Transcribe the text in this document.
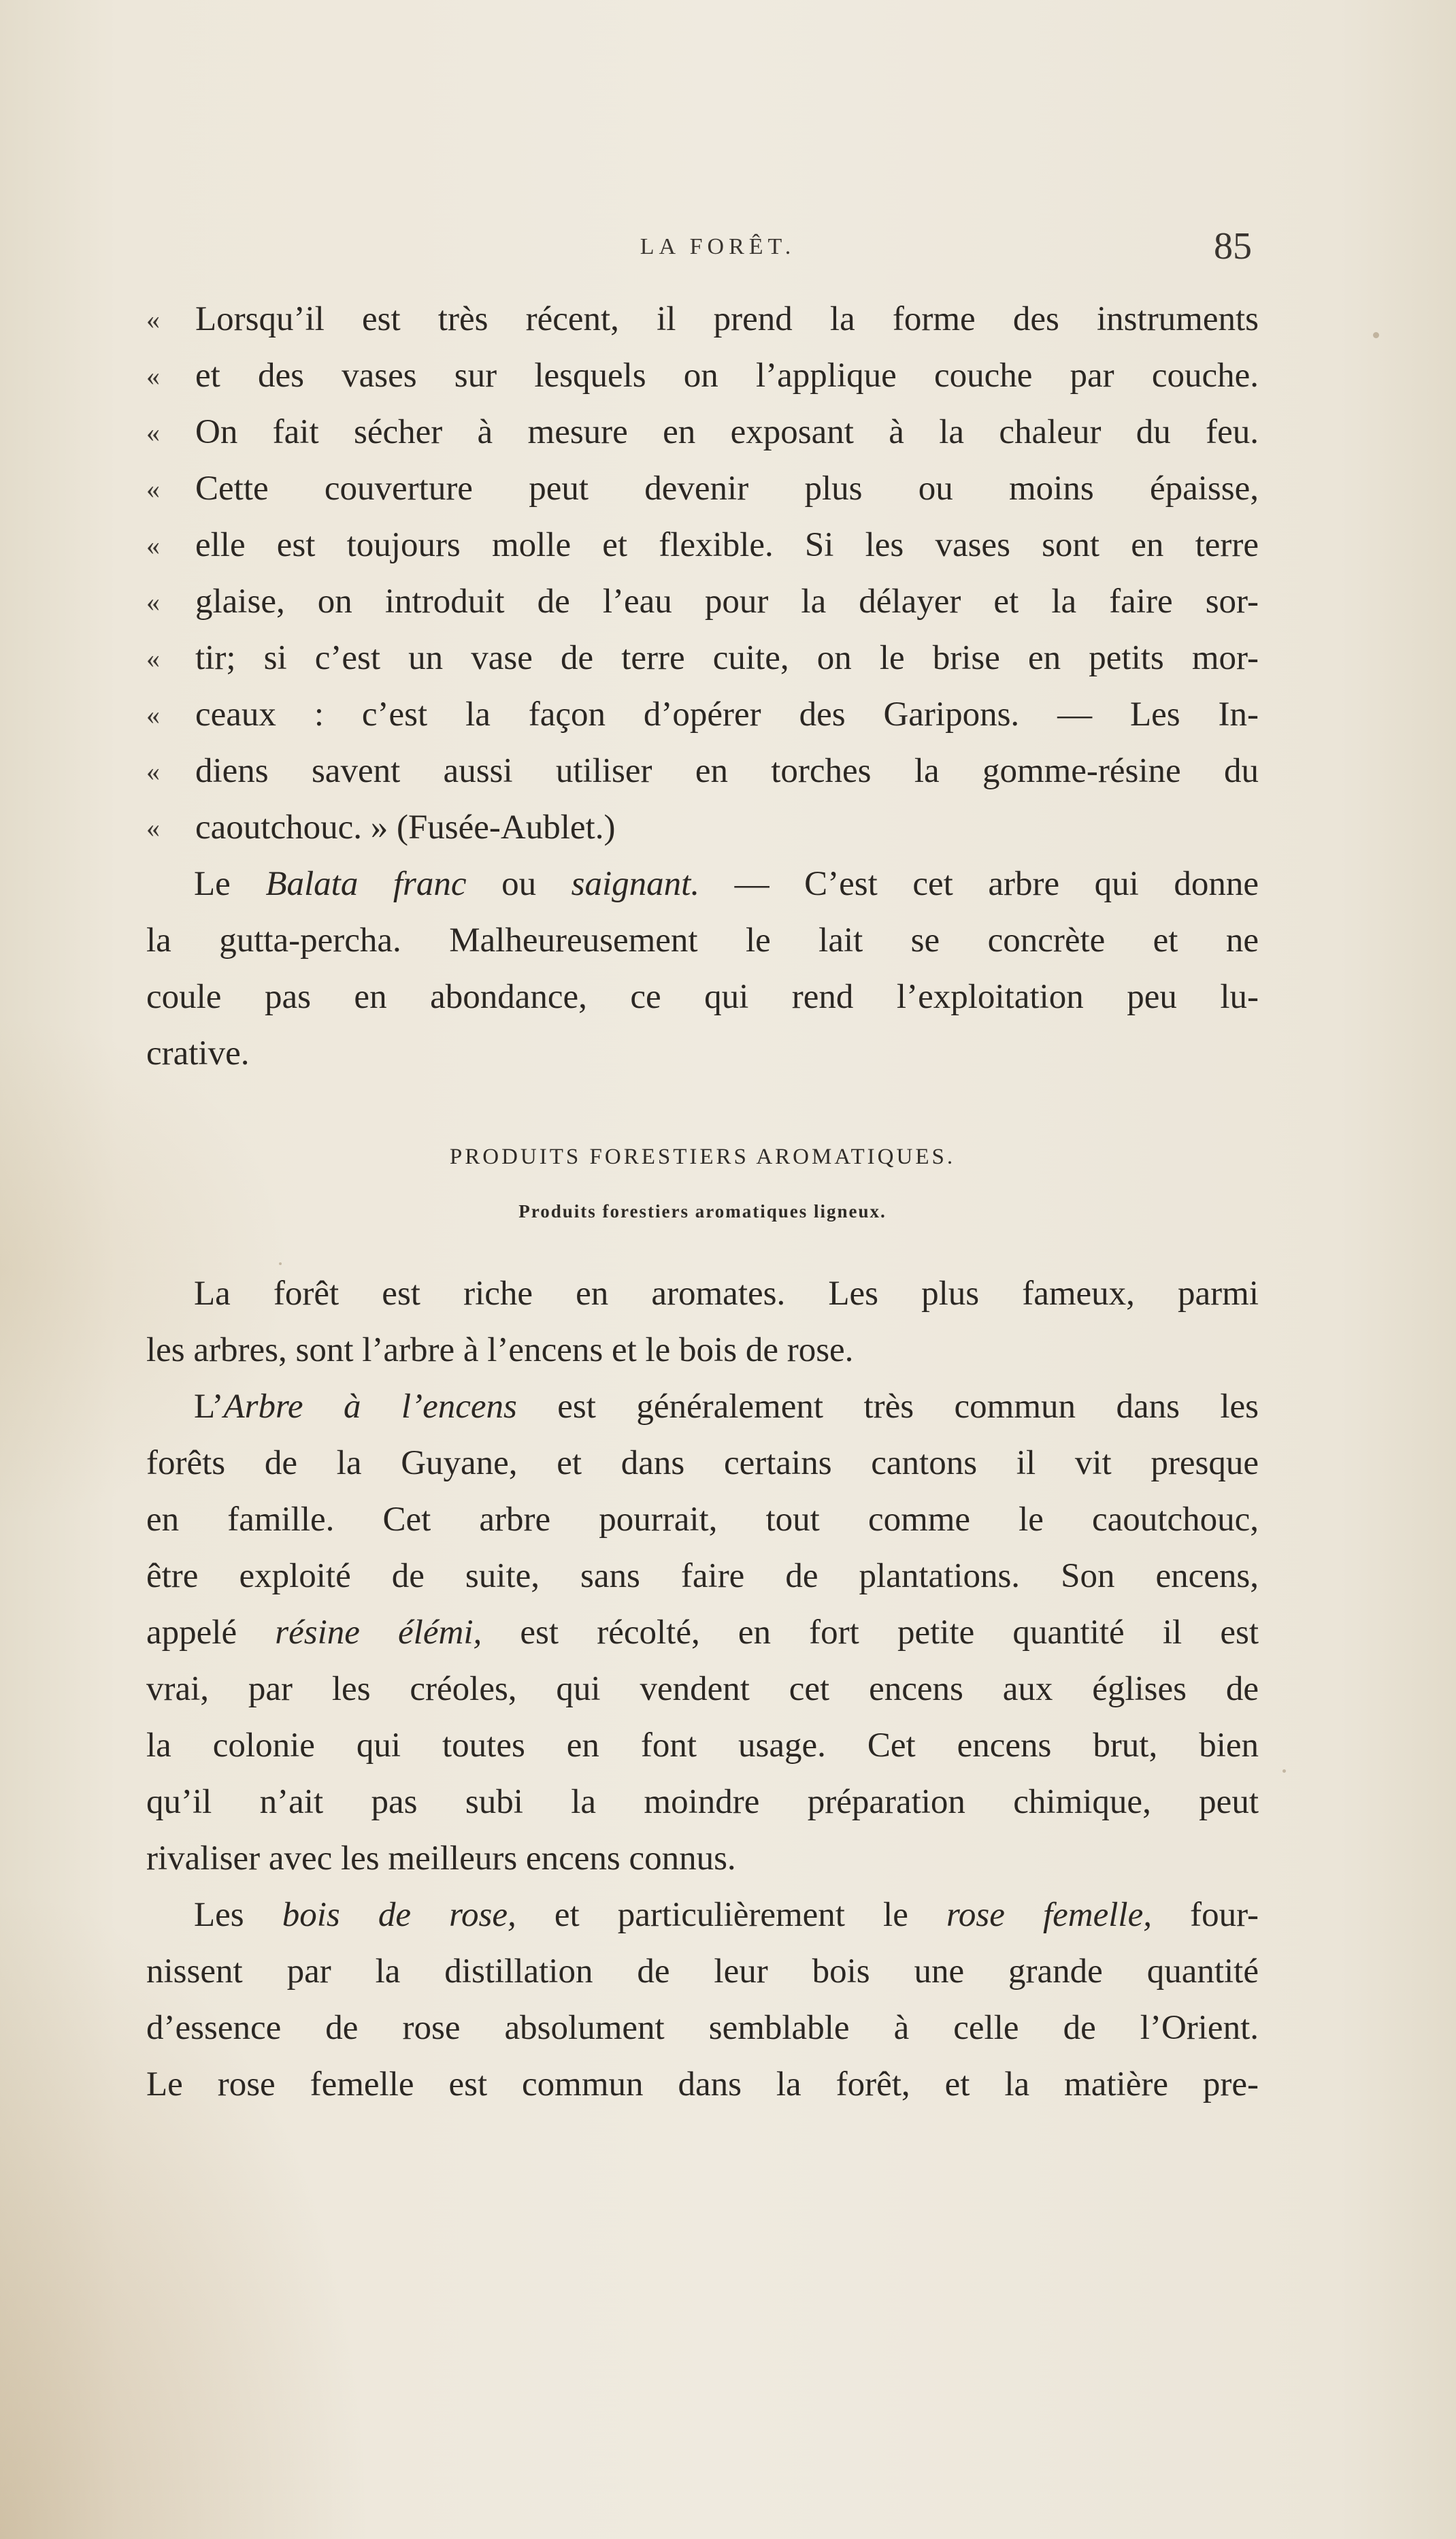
LA FORÊT.	85
«	Lorsqu’il est très récent, il prend la forme des instruments
«	et des vases sur lesquels on l’applique couche par couche.
«	On fait sécher à mesure en exposant à la chaleur du feu.
«	Cette couverture peut devenir plus ou moins épaisse,
«	elle est toujours molle et flexible. Si les vases sont en terre
«	glaise, on introduit de l’eau pour la délayer et la faire sor-
«	tir; si c’est un vase de terre cuite, on le brise en petits mor-
«	ceaux : c’est la façon d’opérer des Garipons. — Les In-
«	diens savent aussi utiliser en torches la gomme-résine du
«	caoutchouc. » (Fusée-Aublet.)
Le Balata franc ou saignant. — C’est cet arbre qui donne
la gutta-percha. Malheureusement le lait se concrète et ne
coule pas en abondance, ce qui rend l’exploitation peu lu-
crative.
PRODUITS FORESTIERS AROMATIQUES.
Produits forestiers aromatiques ligneux.
La forêt est riche en aromates. Les plus fameux, parmi
les arbres, sont l’arbre à l’encens et le bois de rose.
L’Arbre à l’encens est généralement très commun dans les
forêts de la Guyane, et dans certains cantons il vit presque
en famille. Cet arbre pourrait, tout comme le caoutchouc,
être exploité de suite, sans faire de plantations. Son encens,
appelé résine élémi, est récolté, en fort petite quantité il est
vrai, par les créoles, qui vendent cet encens aux églises de
la colonie qui toutes en font usage. Cet encens brut, bien
qu’il n’ait pas subi la moindre préparation chimique, peut
rivaliser avec les meilleurs encens connus.
Les bois de rose, et particulièrement le rose femelle, four-
nissent par la distillation de leur bois une grande quantité
d’essence de rose absolument semblable à celle de l’Orient.
Le rose femelle est commun dans la forêt, et la matière pre-
